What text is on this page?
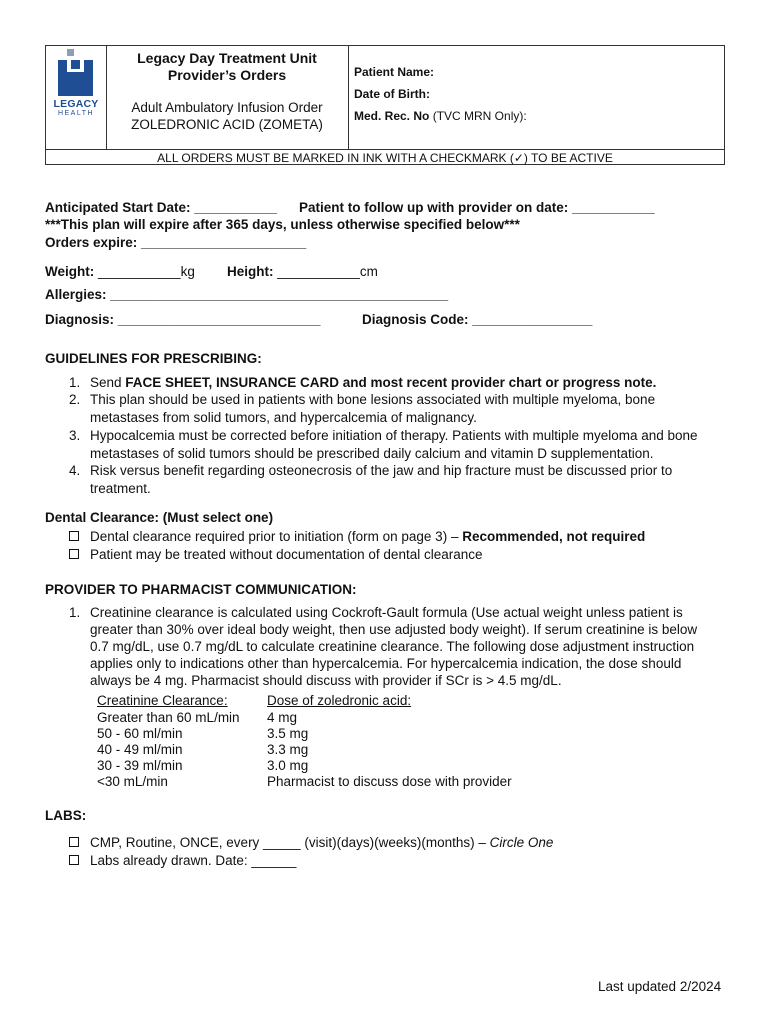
LEGACY
HEALTH
Legacy Day Treatment Unit
Provider’s Orders
Adult Ambulatory Infusion Order
ZOLEDRONIC ACID (ZOMETA)
Patient Name:
Date of Birth:
Med. Rec. No (TVC MRN Only):
ALL ORDERS MUST BE MARKED IN INK WITH A CHECKMARK (✓) TO BE ACTIVE
Anticipated Start Date: ___________ Patient to follow up with provider on date: ___________
***This plan will expire after 365 days, unless otherwise specified below***
Orders expire: ______________________
Weight: ___________kg Height: ___________cm
Allergies: _____________________________________________
Diagnosis: ___________________________	Diagnosis Code: ________________
GUIDELINES FOR PRESCRIBING:
1. Send FACE SHEET, INSURANCE CARD and most recent provider chart or progress note.
2. This plan should be used in patients with bone lesions associated with multiple myeloma, bone
metastases from solid tumors, and hypercalcemia of malignancy.
3. Hypocalcemia must be corrected before initiation of therapy. Patients with multiple myeloma and bone
metastases of solid tumors should be prescribed daily calcium and vitamin D supplementation.
4. Risk versus benefit regarding osteonecrosis of the jaw and hip fracture must be discussed prior to
treatment.
Dental Clearance: (Must select one)
Dental clearance required prior to initiation (form on page 3) – Recommended, not required
Patient may be treated without documentation of dental clearance
PROVIDER TO PHARMACIST COMMUNICATION:
1. Creatinine clearance is calculated using Cockroft-Gault formula (Use actual weight unless patient is
greater than 30% over ideal body weight, then use adjusted body weight). If serum creatinine is below
0.7 mg/dL, use 0.7 mg/dL to calculate creatinine clearance. The following dose adjustment instruction
applies only to indications other than hypercalcemia. For hypercalcemia indication, the dose should
always be 4 mg. Pharmacist should discuss with provider if SCr is > 4.5 mg/dL.
Creatinine Clearance:	Dose of zoledronic acid:
Greater than 60 mL/min 4 mg
50 - 60 ml/min	3.5 mg
40 - 49 ml/min	3.3 mg
30 - 39 ml/min	3.0 mg
<30 mL/min	Pharmacist to discuss dose with provider
LABS:
CMP, Routine, ONCE, every _____ (visit)(days)(weeks)(months) – Circle One
Labs already drawn. Date: ______
Last updated 2/2024
